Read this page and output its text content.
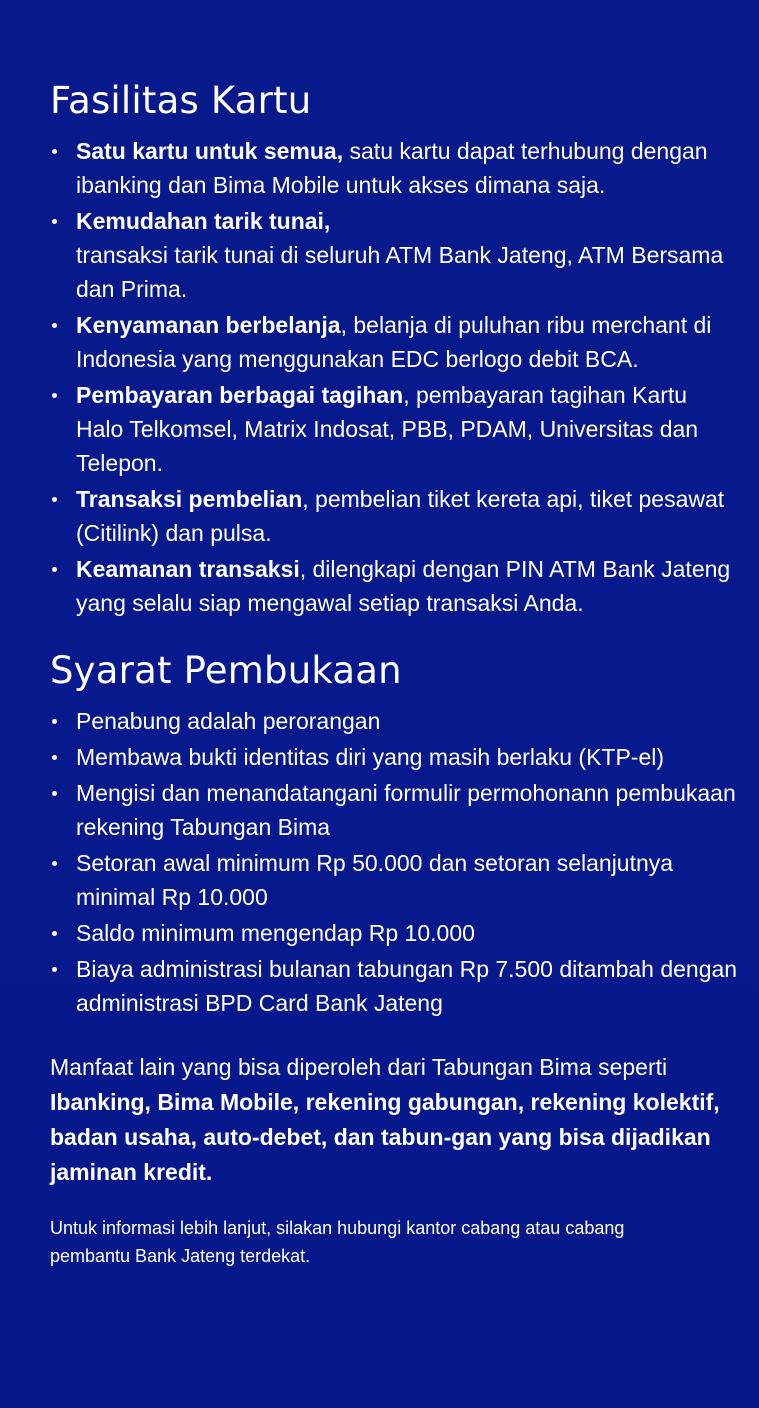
Fasilitas Kartu
Satu kartu untuk semua, satu kartu dapat terhubung dengan ibanking dan Bima Mobile untuk akses dimana saja.
Kemudahan tarik tunai,
transaksi tarik tunai di seluruh ATM Bank Jateng, ATM Bersama dan Prima.
Kenyamanan berbelanja, belanja di puluhan ribu merchant di Indonesia yang menggunakan EDC berlogo debit BCA.
Pembayaran berbagai tagihan, pembayaran tagihan Kartu Halo Telkomsel, Matrix Indosat, PBB, PDAM, Universitas dan Telepon.
Transaksi pembelian, pembelian tiket kereta api, tiket pesawat (Citilink) dan pulsa.
Keamanan transaksi, dilengkapi dengan PIN ATM Bank Jateng yang selalu siap mengawal setiap transaksi Anda.
Syarat Pembukaan
Penabung adalah perorangan
Membawa bukti identitas diri yang masih berlaku (KTP-el)
Mengisi dan menandatangani formulir permohonann pembukaan rekening Tabungan Bima
Setoran awal minimum Rp 50.000 dan setoran selanjutnya minimal Rp 10.000
Saldo minimum mengendap Rp 10.000
Biaya administrasi bulanan tabungan Rp 7.500 ditambah dengan administrasi BPD Card Bank Jateng

Manfaat lain yang bisa diperoleh dari Tabungan Bima seperti Ibanking, Bima Mobile, rekening gabungan, rekening kolektif, badan usaha, auto-debet, dan tabun-gan yang bisa dijadikan jaminan kredit.

Untuk informasi lebih lanjut, silakan hubungi kantor cabang atau cabang pembantu Bank Jateng terdekat.
